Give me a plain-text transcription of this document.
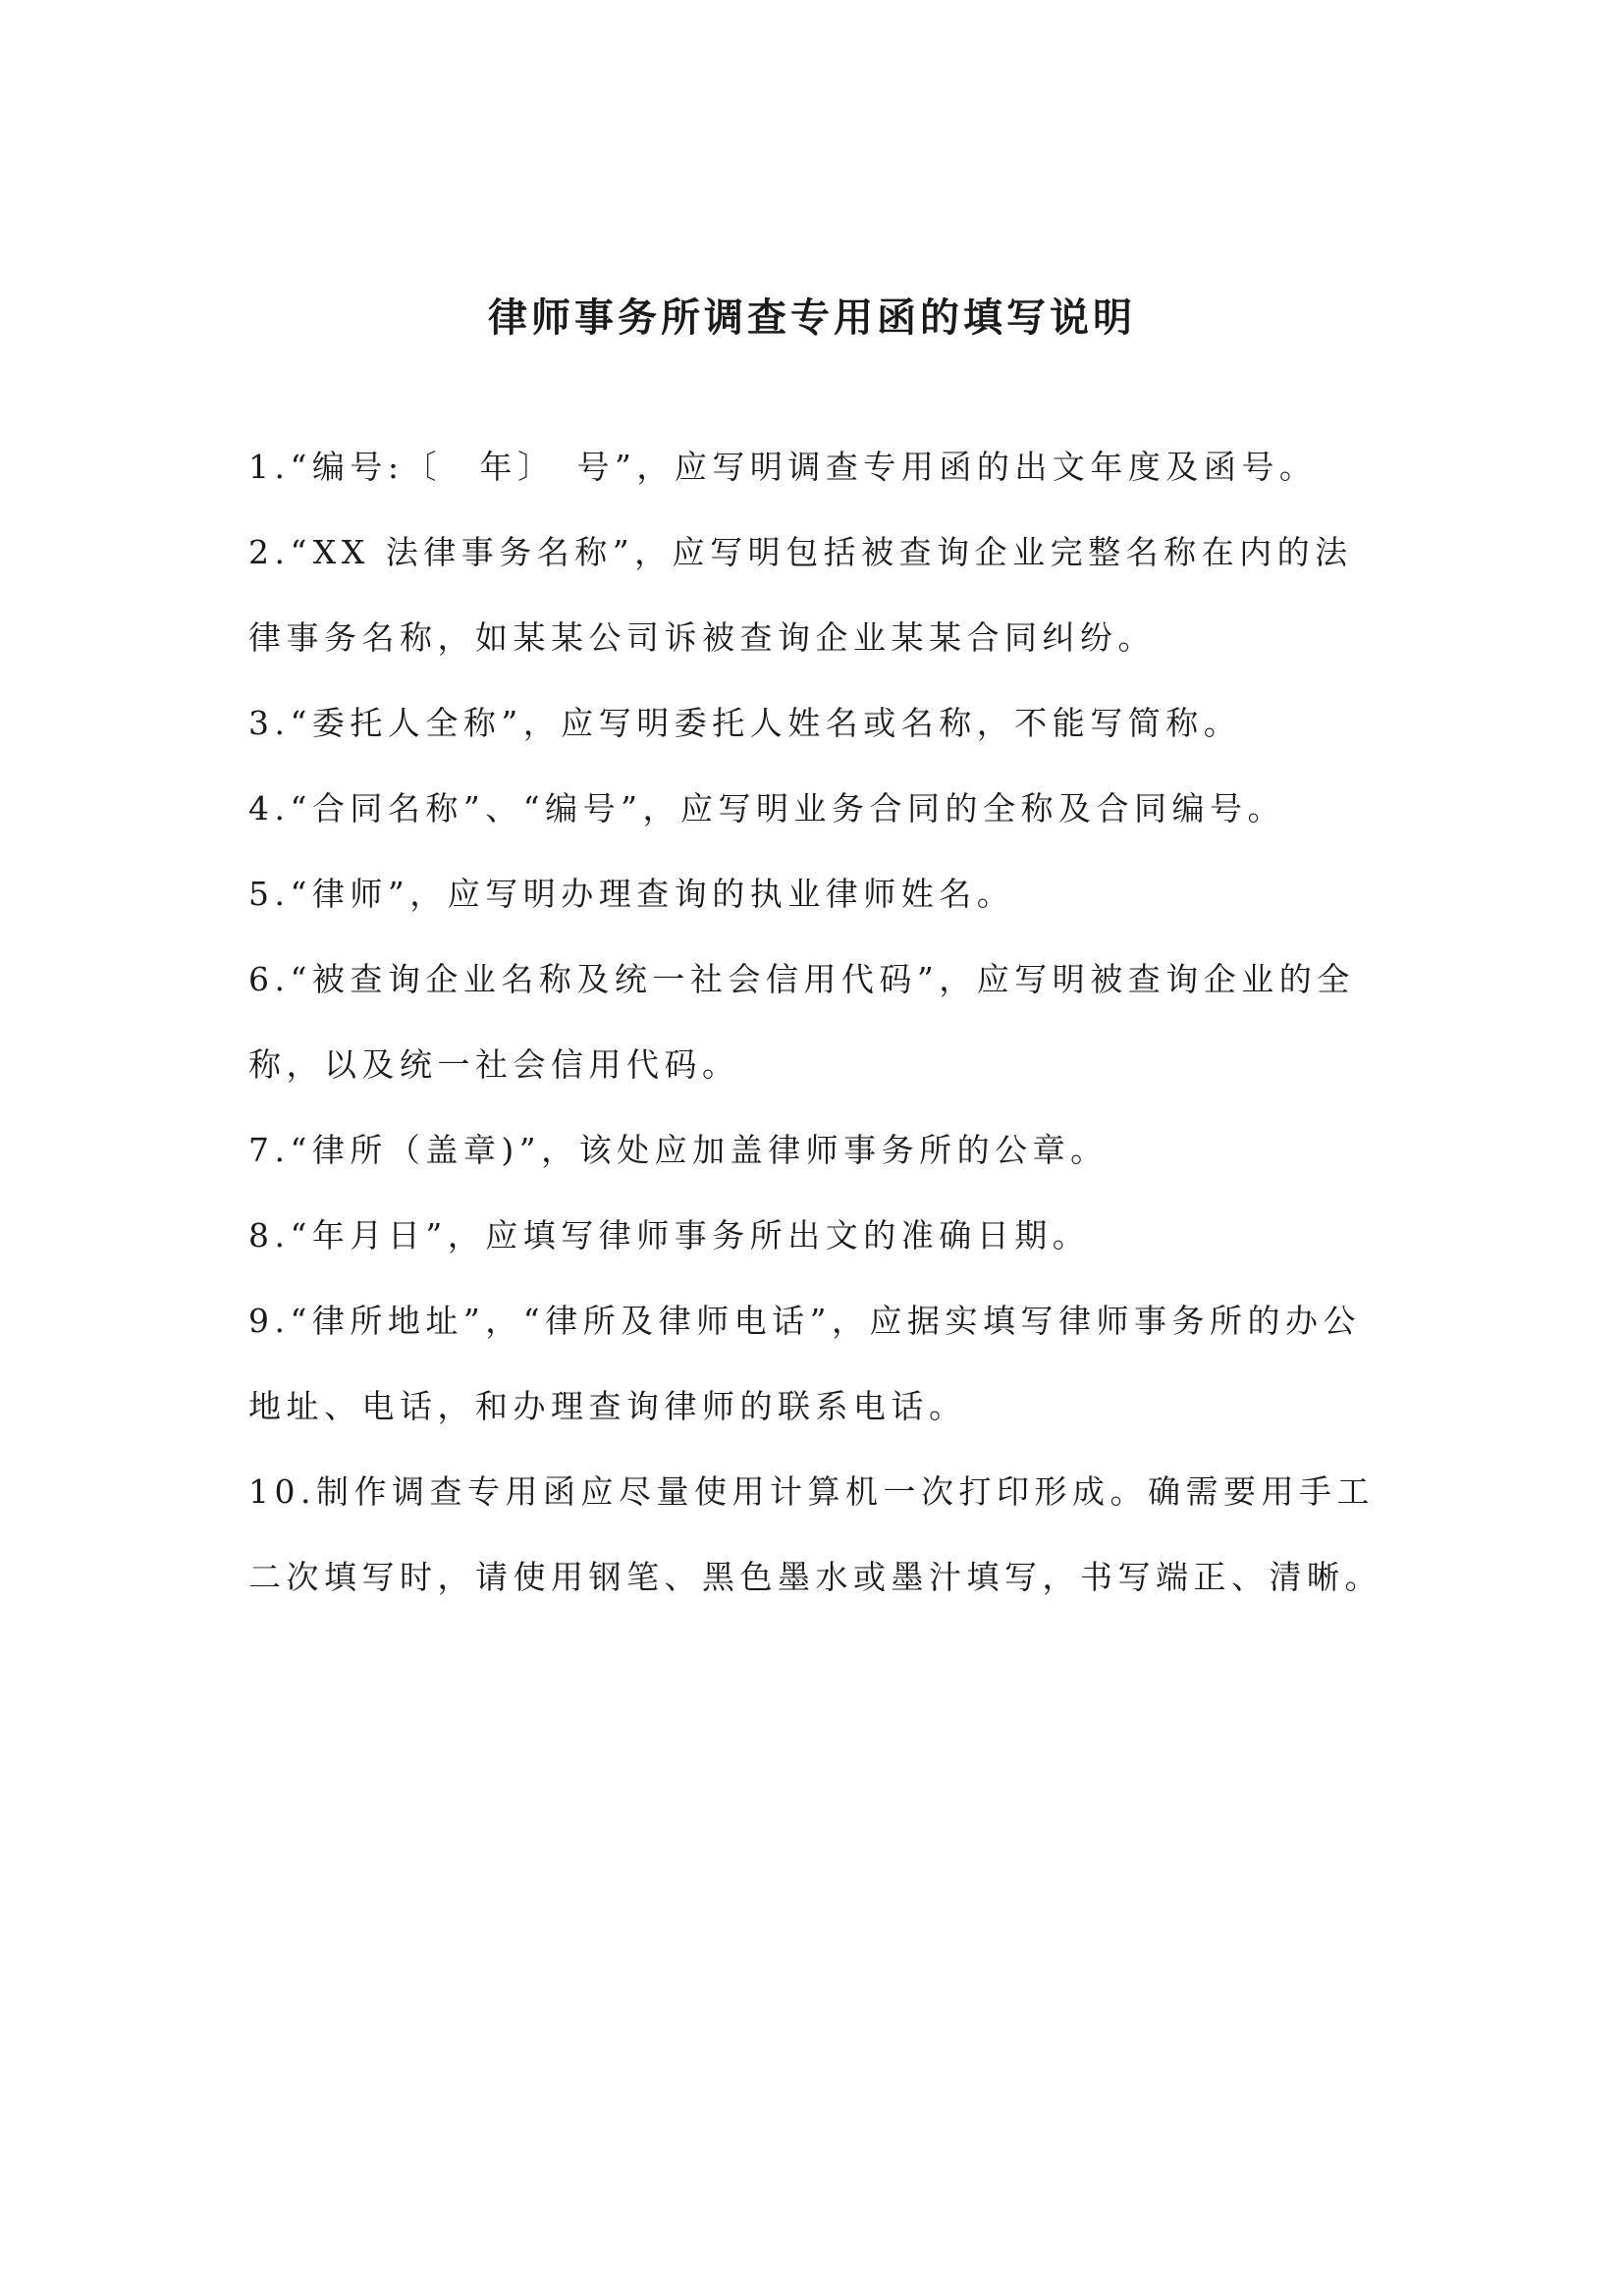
律师事务所调查专用函的填写说明

1.“编号:〔　年〕　号”，应写明调查专用函的出文年度及函号。

2.“XX 法律事务名称”，应写明包括被查询企业完整名称在内的法律事务名称，如某某公司诉被查询企业某某合同纠纷。

3.“委托人全称”，应写明委托人姓名或名称，不能写简称。

4.“合同名称”、“编号”，应写明业务合同的全称及合同编号。

5.“律师”，应写明办理查询的执业律师姓名。

6.“被查询企业名称及统一社会信用代码”，应写明被查询企业的全称，以及统一社会信用代码。

7.“律所（盖章)”，该处应加盖律师事务所的公章。

8.“年月日”，应填写律师事务所出文的准确日期。

9.“律所地址”，“律所及律师电话”，应据实填写律师事务所的办公地址、电话，和办理查询律师的联系电话。

10.制作调查专用函应尽量使用计算机一次打印形成。确需要用手工二次填写时，请使用钢笔、黑色墨水或墨汁填写，书写端正、清晰。
